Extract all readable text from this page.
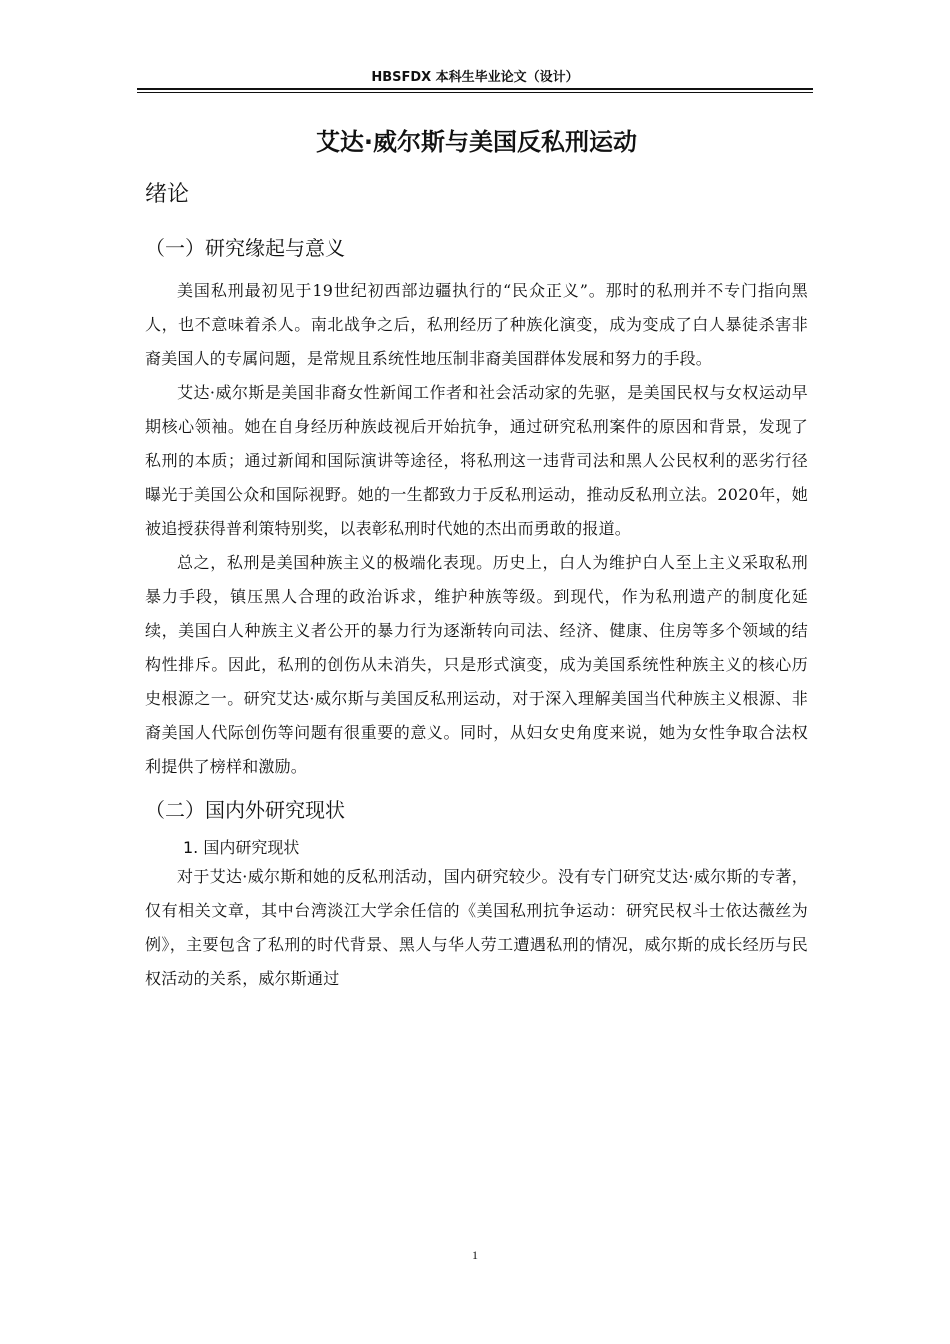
HBSFDX 本科生毕业论文（设计）
艾达·威尔斯与美国反私刑运动
绪论
（一）研究缘起与意义

美国私刑最初见于19世纪初西部边疆执行的“民众正义”。那时的私刑并不专门指向黑人，也不意味着杀人。南北战争之后，私刑经历了种族化演变，成为变成了白人暴徒杀害非裔美国人的专属问题，是常规且系统性地压制非裔美国群体发展和努力的手段。

艾达·威尔斯是美国非裔女性新闻工作者和社会活动家的先驱，是美国民权与女权运动早期核心领袖。她在自身经历种族歧视后开始抗争，通过研究私刑案件的原因和背景，发现了私刑的本质；通过新闻和国际演讲等途径，将私刑这一违背司法和黑人公民权利的恶劣行径曝光于美国公众和国际视野。她的一生都致力于反私刑运动，推动反私刑立法。2020年，她被追授获得普利策特别奖，以表彰私刑时代她的杰出而勇敢的报道。

总之，私刑是美国种族主义的极端化表现。历史上，白人为维护白人至上主义采取私刑暴力手段，镇压黑人合理的政治诉求，维护种族等级。到现代，作为私刑遗产的制度化延续，美国白人种族主义者公开的暴力行为逐渐转向司法、经济、健康、住房等多个领域的结构性排斥。因此，私刑的创伤从未消失，只是形式演变，成为美国系统性种族主义的核心历史根源之一。研究艾达·威尔斯与美国反私刑运动，对于深入理解美国当代种族主义根源、非裔美国人代际创伤等问题有很重要的意义。同时，从妇女史角度来说，她为女性争取合法权利提供了榜样和激励。

（二）国内外研究现状
1. 国内研究现状

对于艾达·威尔斯和她的反私刑活动，国内研究较少。没有专门研究艾达·威尔斯的专著，仅有相关文章，其中台湾淡江大学余任信的《美国私刑抗争运动：研究民权斗士依达薇丝为例》，主要包含了私刑的时代背景、黑人与华人劳工遭遇私刑的情况，威尔斯的成长经历与民权活动的关系，威尔斯通过

1
